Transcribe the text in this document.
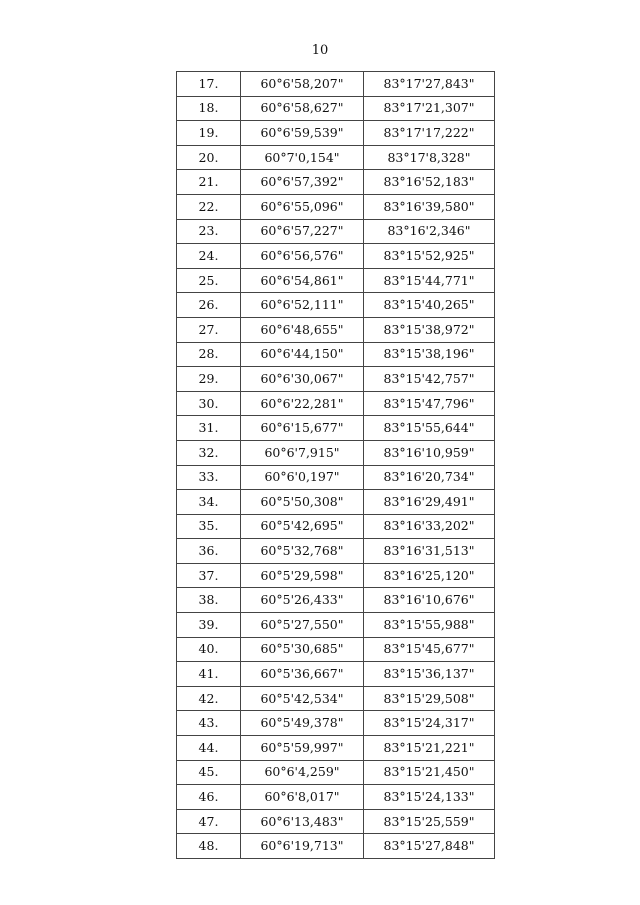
10
17.	60°6'58,207"	83°17'27,843"
18.	60°6'58,627"	83°17'21,307"
19.	60°6'59,539"	83°17'17,222"
20.	60°7'0,154"	83°17'8,328"
21.	60°6'57,392"	83°16'52,183"
22.	60°6'55,096"	83°16'39,580"
23.	60°6'57,227"	83°16'2,346"
24.	60°6'56,576"	83°15'52,925"
25.	60°6'54,861"	83°15'44,771"
26.	60°6'52,111"	83°15'40,265"
27.	60°6'48,655"	83°15'38,972"
28.	60°6'44,150"	83°15'38,196"
29.	60°6'30,067"	83°15'42,757"
30.	60°6'22,281"	83°15'47,796"
31.	60°6'15,677"	83°15'55,644"
32.	60°6'7,915"	83°16'10,959"
33.	60°6'0,197"	83°16'20,734"
34.	60°5'50,308"	83°16'29,491"
35.	60°5'42,695"	83°16'33,202"
36.	60°5'32,768"	83°16'31,513"
37.	60°5'29,598"	83°16'25,120"
38.	60°5'26,433"	83°16'10,676"
39.	60°5'27,550"	83°15'55,988"
40.	60°5'30,685"	83°15'45,677"
41.	60°5'36,667"	83°15'36,137"
42.	60°5'42,534"	83°15'29,508"
43.	60°5'49,378"	83°15'24,317"
44.	60°5'59,997"	83°15'21,221"
45.	60°6'4,259"	83°15'21,450"
46.	60°6'8,017"	83°15'24,133"
47.	60°6'13,483"	83°15'25,559"
48.	60°6'19,713"	83°15'27,848"
